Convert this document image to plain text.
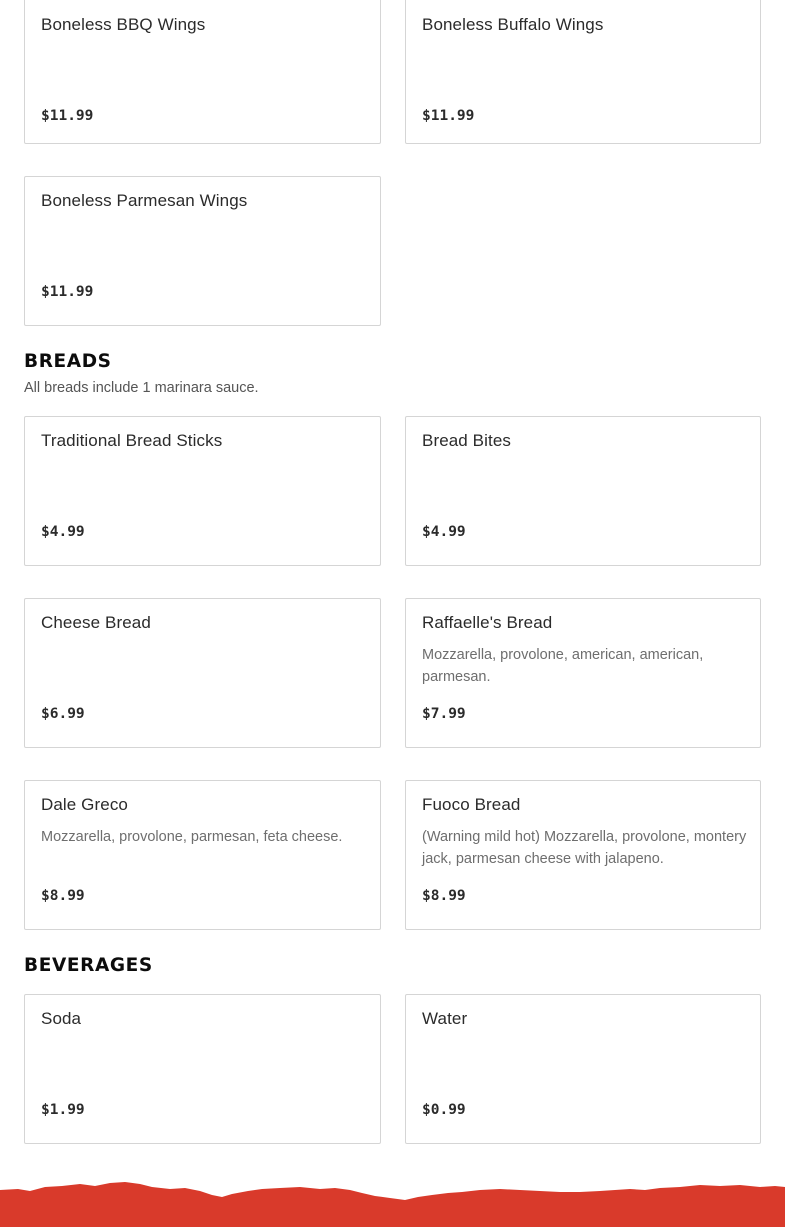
Boneless BBQ Wings
$11.99
Boneless Buffalo Wings
$11.99
Boneless Parmesan Wings
$11.99
BREADS
All breads include 1 marinara sauce.
Traditional Bread Sticks
$4.99
Bread Bites
$4.99
Cheese Bread
$6.99
Raffaelle's Bread
Mozzarella, provolone, american, american, parmesan.
$7.99
Dale Greco
Mozzarella, provolone, parmesan, feta cheese.
$8.99
Fuoco Bread
(Warning mild hot) Mozzarella, provolone, montery jack, parmesan cheese with jalapeno.
$8.99
BEVERAGES
Soda
$1.99
Water
$0.99
